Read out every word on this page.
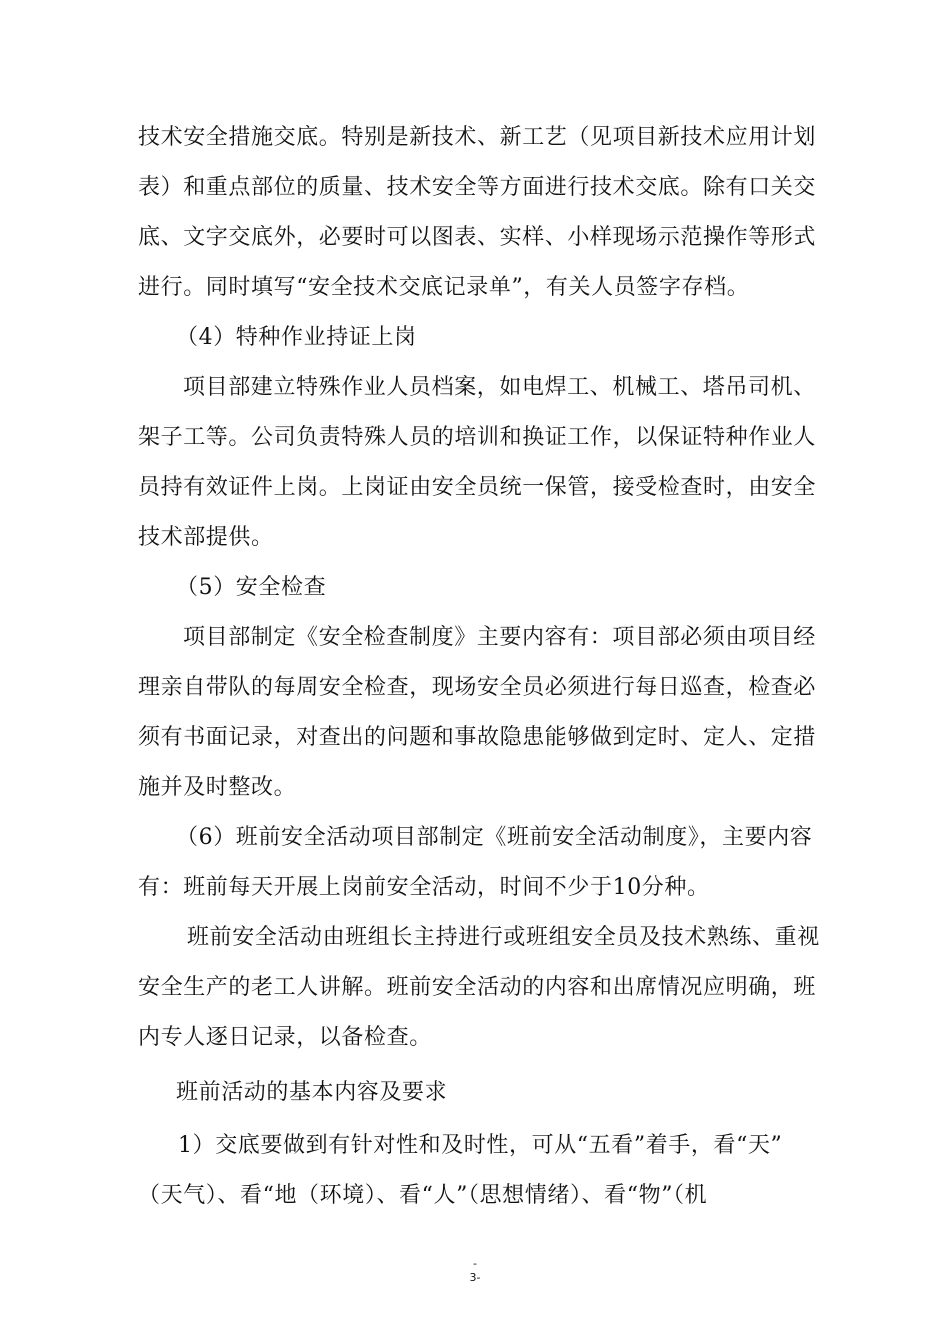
技术安全措施交底。特别是新技术、新工艺（见项目新技术应用计划
表）和重点部位的质量、技术安全等方面进行技术交底。除有口关交
底、文字交底外，必要时可以图表、实样、小样现场示范操作等形式
进行。同时填写“安全技术交底记录单”，有关人员签字存档。
（4）特种作业持证上岗
项目部建立特殊作业人员档案，如电焊工、机械工、塔吊司机、
架子工等。公司负责特殊人员的培训和换证工作，以保证特种作业人
员持有效证件上岗。上岗证由安全员统一保管，接受检查时，由安全
技术部提供。
（5）安全检查
项目部制定《安全检查制度》主要内容有：项目部必须由项目经
理亲自带队的每周安全检查，现场安全员必须进行每日巡查，检查必
须有书面记录，对查出的问题和事故隐患能够做到定时、定人、定措
施并及时整改。
（6）班前安全活动项目部制定《班前安全活动制度》，主要内容
有：班前每天开展上岗前安全活动，时间不少于10分种。
班前安全活动由班组长主持进行或班组安全员及技术熟练、重视
安全生产的老工人讲解。班前安全活动的内容和出席情况应明确，班
内专人逐日记录，以备检查。
班前活动的基本内容及要求
1）交底要做到有针对性和及时性，可从“五看”着手，看“天”
（天气）、看“地（环境）、看“人”（思想情绪）、看“物”（机
-
3-
